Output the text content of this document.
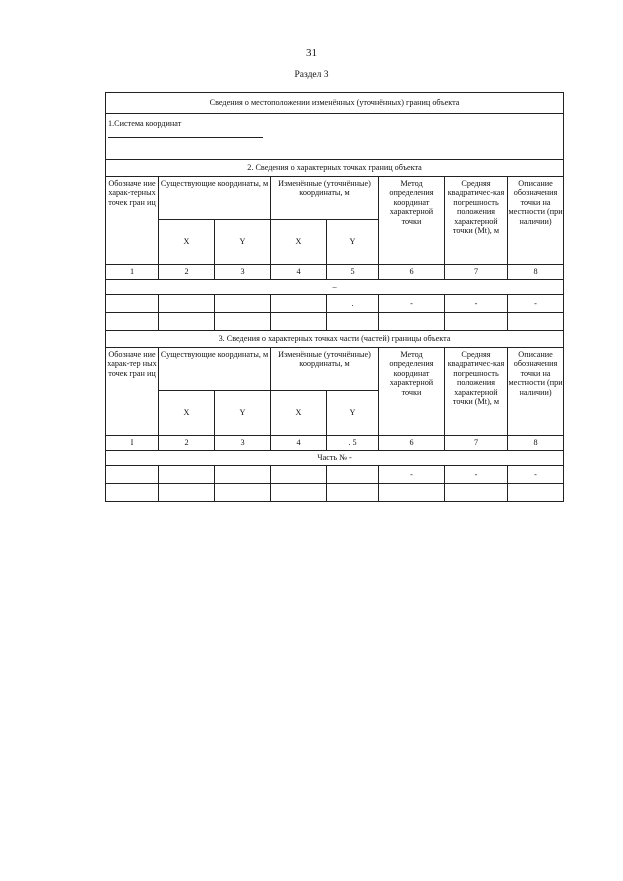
31
Раздел 3
Сведения о местоположении изменённых (уточнённых) границ объекта							
1.Система координат							

2. Сведения о характерных точках границ объекта							
Обозначе ние харак-терных точек гран иц	Существующие координаты, м		Изменённые (уточнённые) координаты, м		Метод определения координат характерной точки	Средняя квадратичес-кая погрешность положения характерной точки (Mt), м	Описание обозначения точки на местности (при наличии)
	X	Y	X	Y			
1	2	3	4	5	6	7	8
–							
				.	-	-	-

3. Сведения о характерных точках части (частей) границы объекта							
Обозначе ние харак-тер ных точек гран иц	Существующие координаты, м		Изменённые (уточнённые) координаты, м		Метод определения координат характерной точки	Средняя квадратичес-кая погрешность положения характерной точки (Mt), м	Описание обозначения точки на местности (при наличии)
	X	Y	X	Y			
I	2	3	4	. 5	6	7	8
Часть № -							
					-	-	-
